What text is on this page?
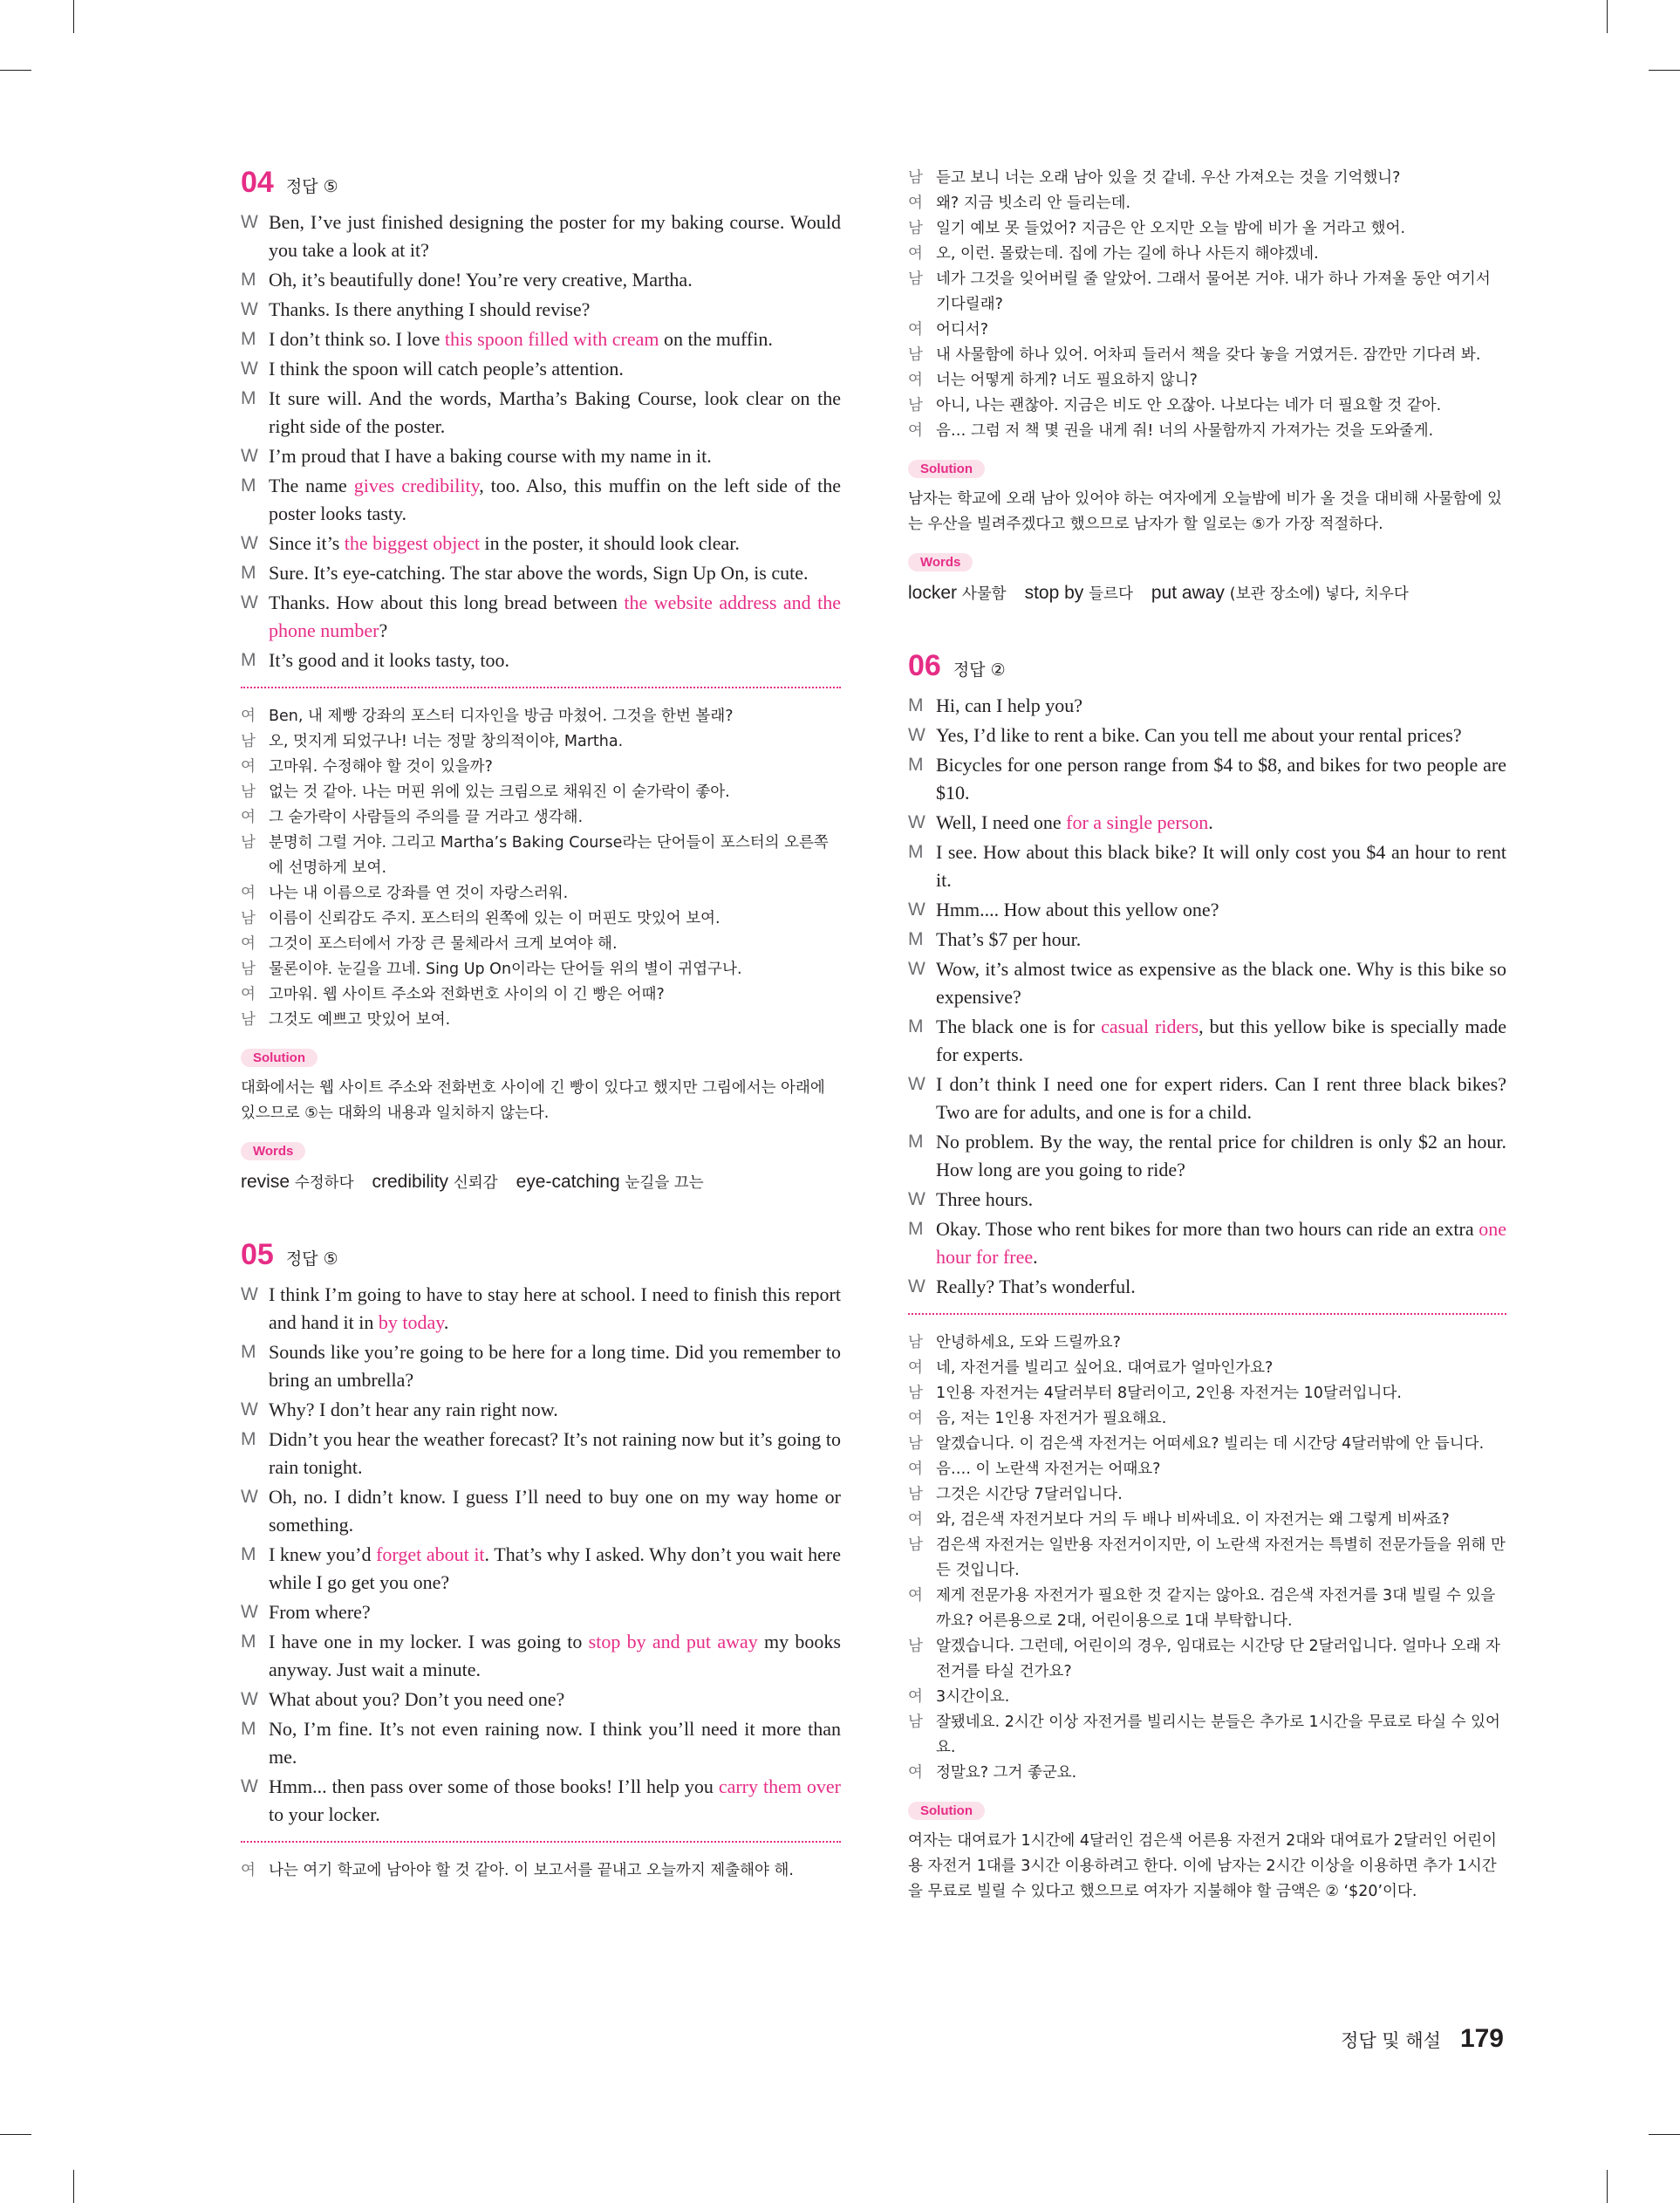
04 정답 ⑤
W Ben, I’ve just finished designing the poster for my baking course. Would you take a look at it?
M Oh, it’s beautifully done! You’re very creative, Martha.
W Thanks. Is there anything I should revise?
M I don’t think so. I love this spoon filled with cream on the muffin.
W I think the spoon will catch people’s attention.
M It sure will. And the words, Martha’s Baking Course, look clear on the right side of the poster.
W I’m proud that I have a baking course with my name in it.
M The name gives credibility, too. Also, this muffin on the left side of the poster looks tasty.
W Since it’s the biggest object in the poster, it should look clear.
M Sure. It’s eye-catching. The star above the words, Sign Up On, is cute.
W Thanks. How about this long bread between the website address and the phone number?
M It’s good and it looks tasty, too.
여 Ben, 내 제빵 강좌의 포스터 디자인을 방금 마쳤어. 그것을 한번 볼래?
남 오, 멋지게 되었구나! 너는 정말 창의적이야, Martha.
여 고마워. 수정해야 할 것이 있을까?
남 없는 것 같아. 나는 머핀 위에 있는 크림으로 채워진 이 숟가락이 좋아.
여 그 숟가락이 사람들의 주의를 끌 거라고 생각해.
남 분명히 그럴 거야. 그리고 Martha’s Baking Course라는 단어들이 포스터의 오른쪽에 선명하게 보여.
여 나는 내 이름으로 강좌를 연 것이 자랑스러워.
남 이름이 신뢰감도 주지. 포스터의 왼쪽에 있는 이 머핀도 맛있어 보여.
여 그것이 포스터에서 가장 큰 물체라서 크게 보여야 해.
남 물론이야. 눈길을 끄네. Sing Up On이라는 단어들 위의 별이 귀엽구나.
여 고마워. 웹 사이트 주소와 전화번호 사이의 이 긴 빵은 어때?
남 그것도 예쁘고 맛있어 보여.
Solution
대화에서는 웹 사이트 주소와 전화번호 사이에 긴 빵이 있다고 했지만 그림에서는 아래에 있으므로 ⑤는 대화의 내용과 일치하지 않는다.
Words
revise 수정하다  credibility 신뢰감  eye-catching 눈길을 끄는 
05 정답 ⑤
W I think I’m going to have to stay here at school. I need to finish this report and hand it in by today.
M Sounds like you’re going to be here for a long time. Did you remember to bring an umbrella?
W Why? I don’t hear any rain right now.
M Didn’t you hear the weather forecast? It’s not raining now but it’s going to rain tonight.
W Oh, no. I didn’t know. I guess I’ll need to buy one on my way home or something.
M I knew you’d forget about it. That’s why I asked. Why don’t you wait here while I go get you one?
W From where?
M I have one in my locker. I was going to stop by and put away my books anyway. Just wait a minute.
W What about you? Don’t you need one?
M No, I’m fine. It’s not even raining now. I think you’ll need it more than me.
W Hmm... then pass over some of those books! I’ll help you carry them over to your locker.
여 나는 여기 학교에 남아야 할 것 같아. 이 보고서를 끝내고 오늘까지 제출해야 해.
남 듣고 보니 너는 오래 남아 있을 것 같네. 우산 가져오는 것을 기억했니?
여 왜? 지금 빗소리 안 들리는데.
남 일기 예보 못 들었어? 지금은 안 오지만 오늘 밤에 비가 올 거라고 했어.
여 오, 이런. 몰랐는데. 집에 가는 길에 하나 사든지 해야겠네.
남 네가 그것을 잊어버릴 줄 알았어. 그래서 물어본 거야. 내가 하나 가져올 동안 여기서 기다릴래?
여 어디서?
남 내 사물함에 하나 있어. 어차피 들러서 책을 갖다 놓을 거였거든. 잠깐만 기다려 봐.
여 너는 어떻게 하게? 너도 필요하지 않니?
남 아니, 나는 괜찮아. 지금은 비도 안 오잖아. 나보다는 네가 더 필요할 것 같아.
여 음… 그럼 저 책 몇 권을 내게 줘! 너의 사물함까지 가져가는 것을 도와줄게.
Solution
남자는 학교에 오래 남아 있어야 하는 여자에게 오늘밤에 비가 올 것을 대비해 사물함에 있는 우산을 빌려주겠다고 했으므로 남자가 할 일로는 ⑤가 가장 적절하다.
Words
locker 사물함  stop by 들르다  put away (보관 장소에) 넣다, 치우다 
06 정답 ②
M Hi, can I help you?
W Yes, I’d like to rent a bike. Can you tell me about your rental prices?
M Bicycles for one person range from $4 to $8, and bikes for two people are $10.
W Well, I need one for a single person.
M I see. How about this black bike? It will only cost you $4 an hour to rent it.
W Hmm.... How about this yellow one?
M That’s $7 per hour.
W Wow, it’s almost twice as expensive as the black one. Why is this bike so expensive?
M The black one is for casual riders, but this yellow bike is specially made for experts.
W I don’t think I need one for expert riders. Can I rent three black bikes? Two are for adults, and one is for a child.
M No problem. By the way, the rental price for children is only $2 an hour. How long are you going to ride?
W Three hours.
M Okay. Those who rent bikes for more than two hours can ride an extra one hour for free.
W Really? That’s wonderful.
남 안녕하세요, 도와 드릴까요?
여 네, 자전거를 빌리고 싶어요. 대여료가 얼마인가요?
남 1인용 자전거는 4달러부터 8달러이고, 2인용 자전거는 10달러입니다.
여 음, 저는 1인용 자전거가 필요해요.
남 알겠습니다. 이 검은색 자전거는 어떠세요? 빌리는 데 시간당 4달러밖에 안 듭니다.
여 음…. 이 노란색 자전거는 어때요?
남 그것은 시간당 7달러입니다.
여 와, 검은색 자전거보다 거의 두 배나 비싸네요. 이 자전거는 왜 그렇게 비싸죠?
남 검은색 자전거는 일반용 자전거이지만, 이 노란색 자전거는 특별히 전문가들을 위해 만든 것입니다.
여 제게 전문가용 자전거가 필요한 것 같지는 않아요. 검은색 자전거를 3대 빌릴 수 있을까요? 어른용으로 2대, 어린이용으로 1대 부탁합니다.
남 알겠습니다. 그런데, 어린이의 경우, 임대료는 시간당 단 2달러입니다. 얼마나 오래 자전거를 타실 건가요?
여 3시간이요.
남 잘됐네요. 2시간 이상 자전거를 빌리시는 분들은 추가로 1시간을 무료로 타실 수 있어요.
여 정말요? 그거 좋군요.
Solution
여자는 대여료가 1시간에 4달러인 검은색 어른용 자전거 2대와 대여료가 2달러인 어린이용 자전거 1대를 3시간 이용하려고 한다. 이에 남자는 2시간 이상을 이용하면 추가 1시간을 무료로 빌릴 수 있다고 했으므로 여자가 지불해야 할 금액은 ② ‘$20’이다.
정답 및 해설 179
